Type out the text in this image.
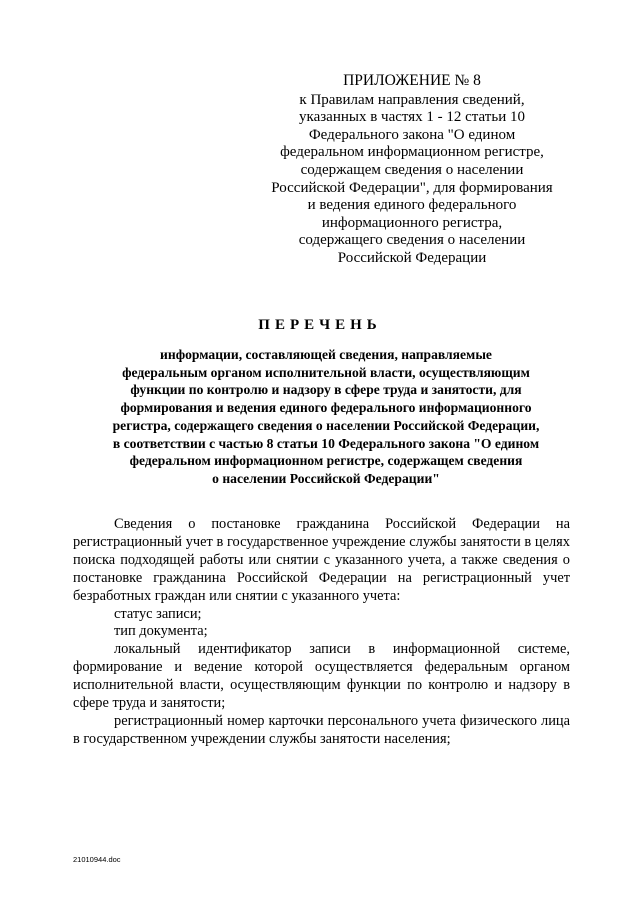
ПРИЛОЖЕНИЕ № 8
к Правилам направления сведений,
указанных в частях 1 - 12 статьи 10
Федерального закона "О едином
федеральном информационном регистре,
содержащем сведения о населении
Российской Федерации", для формирования
и ведения единого федерального
информационного регистра,
содержащего сведения о населении
Российской Федерации
ПЕРЕЧЕНЬ
информации, составляющей сведения, направляемые
федеральным органом исполнительной власти, осуществляющим
функции по контролю и надзору в сфере труда и занятости, для
формирования и ведения единого федерального информационного
регистра, содержащего сведения о населении Российской Федерации,
в соответствии с частью 8 статьи 10 Федерального закона "О едином
федеральном информационном регистре, содержащем сведения
о населении Российской Федерации"

Сведения о постановке гражданина Российской Федерации на регистрационный учет в государственное учреждение службы занятости в целях поиска подходящей работы или снятии с указанного учета, а также сведения о постановке гражданина Российской Федерации на регистрационный учет безработных граждан или снятии с указанного учета:

статус записи;

тип документа;

локальный идентификатор записи в информационной системе, формирование и ведение которой осуществляется федеральным органом исполнительной власти, осуществляющим функции по контролю и надзору в сфере труда и занятости;

регистрационный номер карточки персонального учета физического лица в государственном учреждении службы занятости населения;

21010944.doc
